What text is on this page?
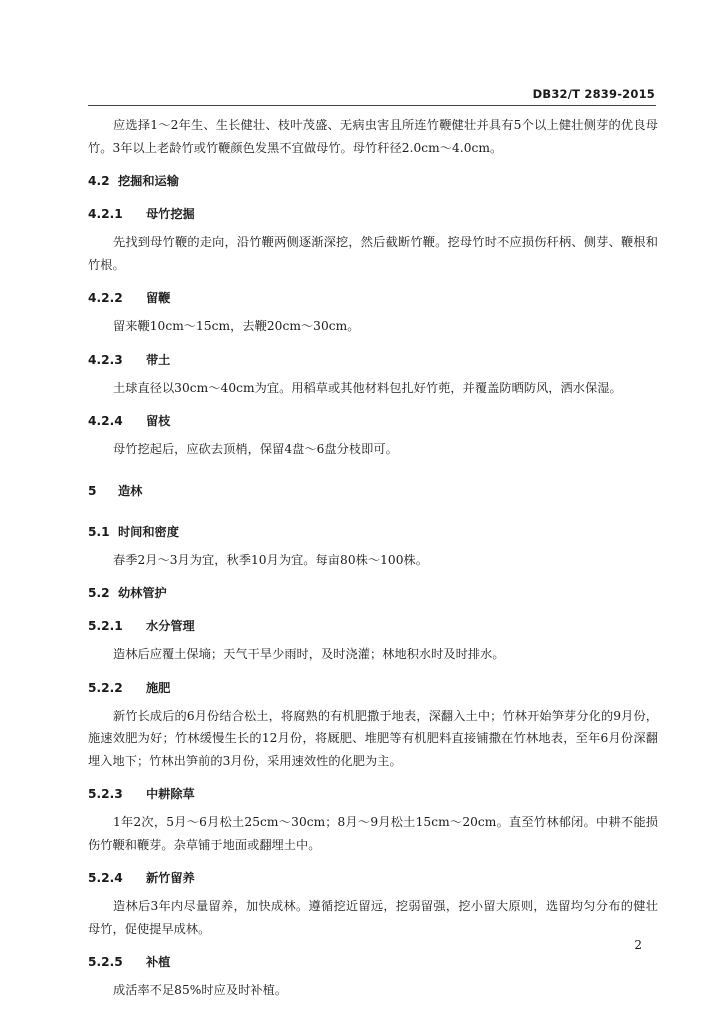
DB32/T 2839-2015

应选择1～2年生、生长健壮、枝叶茂盛、无病虫害且所连竹鞭健壮并具有5个以上健壮侧芽的优良母竹。3年以上老龄竹或竹鞭颜色发黑不宜做母竹。母竹秆径2.0cm～4.0cm。

4.2 挖掘和运输
4.2.1 母竹挖掘

先找到母竹鞭的走向，沿竹鞭两侧逐渐深挖，然后截断竹鞭。挖母竹时不应损伤秆柄、侧芽、鞭根和竹根。

4.2.2 留鞭

留来鞭10cm～15cm，去鞭20cm～30cm。

4.2.3 带土

土球直径以30cm～40cm为宜。用稻草或其他材料包扎好竹蔸，并覆盖防晒防风，洒水保湿。

4.2.4 留枝

母竹挖起后，应砍去顶梢，保留4盘～6盘分枝即可。

5 造林
5.1 时间和密度

春季2月～3月为宜，秋季10月为宜。每亩80株～100株。

5.2 幼林管护
5.2.1 水分管理

造林后应覆土保墒；天气干旱少雨时，及时浇灌；林地积水时及时排水。

5.2.2 施肥

新竹长成后的6月份结合松土，将腐熟的有机肥撒于地表，深翻入土中；竹林开始笋芽分化的9月份，施速效肥为好；竹林缓慢生长的12月份，将厩肥、堆肥等有机肥料直接铺撒在竹林地表，至年6月份深翻埋入地下；竹林出笋前的3月份，采用速效性的化肥为主。

5.2.3 中耕除草

1年2次，5月～6月松土25cm～30cm；8月～9月松土15cm～20cm。直至竹林郁闭。中耕不能损伤竹鞭和鞭芽。杂草铺于地面或翻埋土中。

5.2.4 新竹留养

造林后3年内尽量留养，加快成林。遵循挖近留远，挖弱留强，挖小留大原则，选留均匀分布的健壮母竹，促使提早成林。

5.2.5 补植

成活率不足85%时应及时补植。

2
